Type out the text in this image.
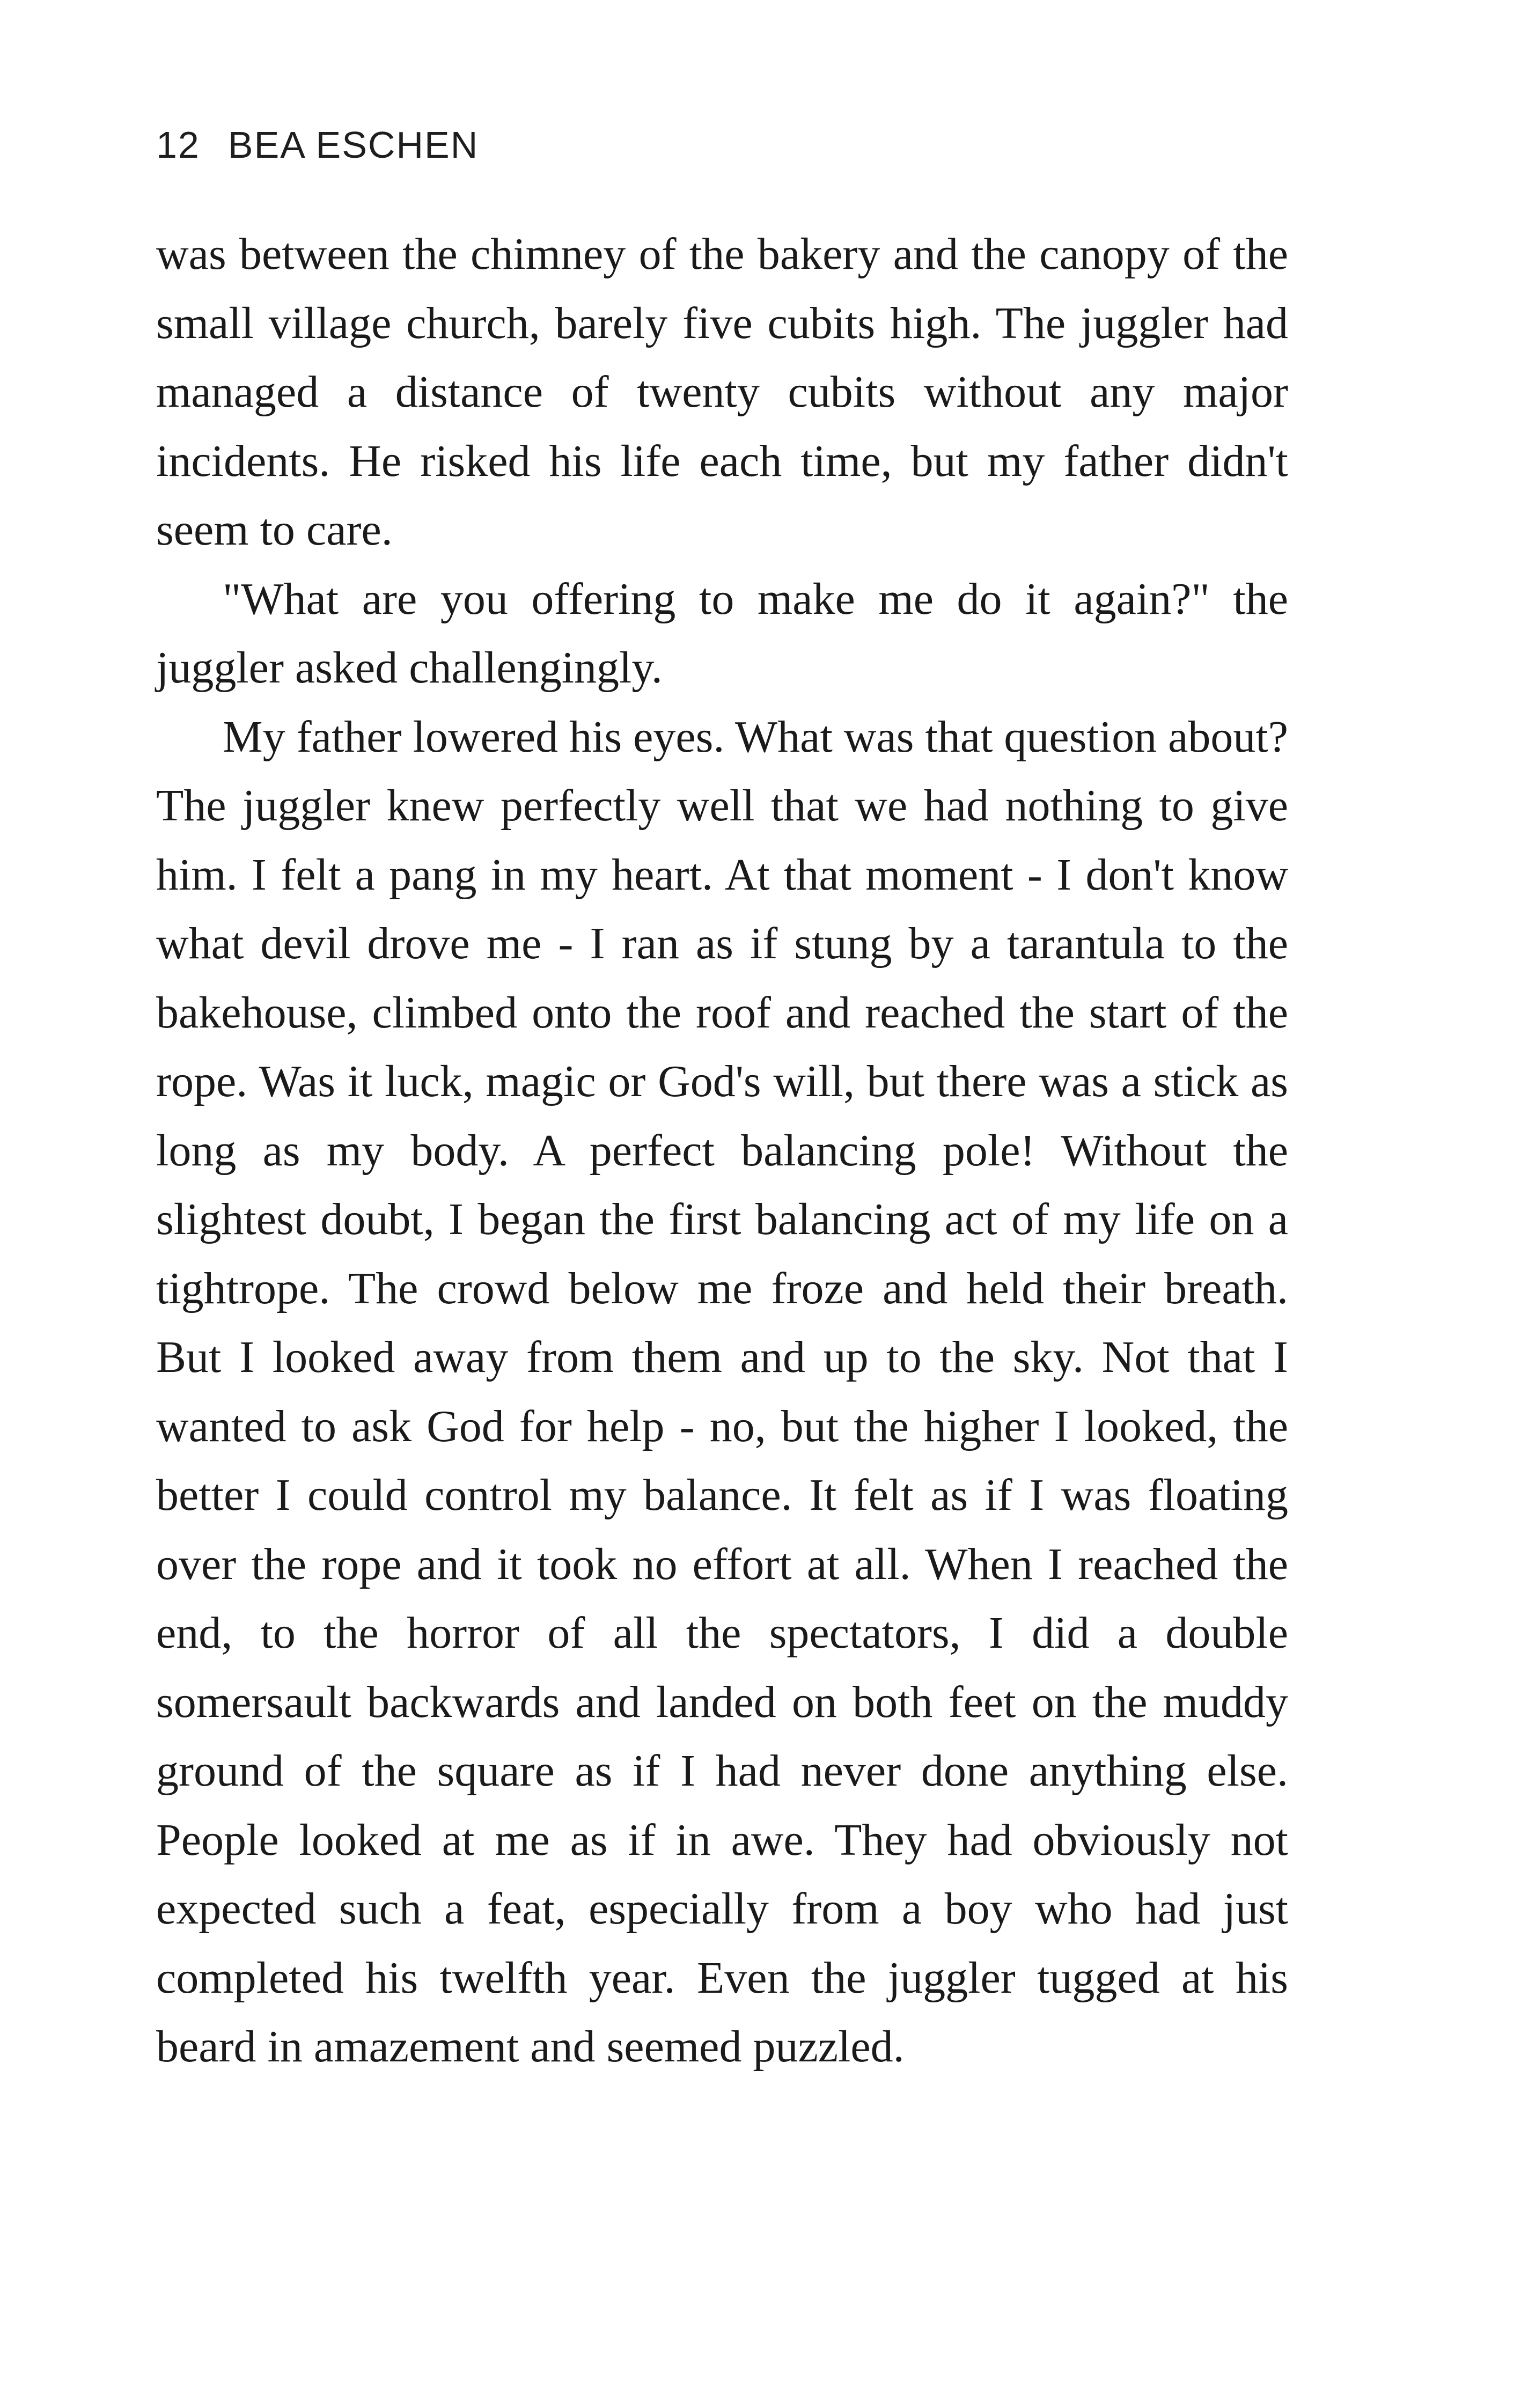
12 BEA ESCHEN

was between the chimney of the bakery and the canopy of the small village church, barely five cubits high. The juggler had managed a distance of twenty cubits without any major incidents. He risked his life each time, but my father didn't seem to care.

"What are you offering to make me do it again?" the juggler asked challengingly.

My father lowered his eyes. What was that question about? The juggler knew perfectly well that we had nothing to give him. I felt a pang in my heart. At that moment - I don't know what devil drove me - I ran as if stung by a tarantula to the bakehouse, climbed onto the roof and reached the start of the rope. Was it luck, magic or God's will, but there was a stick as long as my body. A perfect balancing pole! Without the slightest doubt, I began the first balancing act of my life on a tightrope. The crowd below me froze and held their breath. But I looked away from them and up to the sky. Not that I wanted to ask God for help - no, but the higher I looked, the better I could control my balance. It felt as if I was floating over the rope and it took no effort at all. When I reached the end, to the horror of all the spectators, I did a double somersault backwards and landed on both feet on the muddy ground of the square as if I had never done anything else. People looked at me as if in awe. They had obviously not expected such a feat, especially from a boy who had just completed his twelfth year. Even the juggler tugged at his beard in amazement and seemed puzzled.
